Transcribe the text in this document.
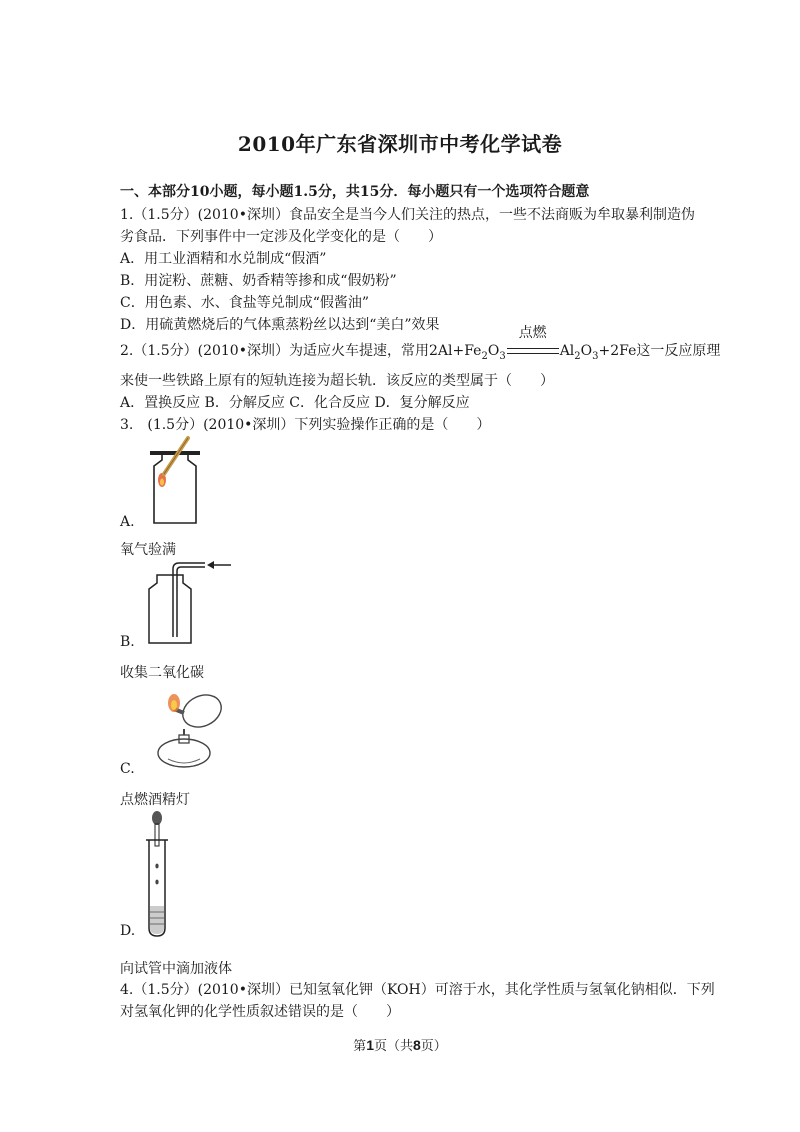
2010年广东省深圳市中考化学试卷
一、本部分10小题，每小题1.5分，共15分．每小题只有一个选项符合题意
1.（1.5分）(2010•深圳）食品安全是当今人们关注的热点，一些不法商贩为牟取暴利制造伪
劣食品．下列事件中一定涉及化学变化的是（　　）
A．用工业酒精和水兑制成“假酒”
B．用淀粉、蔗糖、奶香精等掺和成“假奶粉”
C．用色素、水、食盐等兑制成“假酱油”
D．用硫黄燃烧后的气体熏蒸粉丝以达到“美白”效果
2.（1.5分）(2010•深圳）为适应火车提速，常用$2Al+Fe_2O_3$
点燃
$Al_2O_3+2Fe$这一反应原理
来使一些铁路上原有的短轨连接为超长轨．该反应的类型属于（　　）
A．置换反应 B．分解反应 C．化合反应 D．复分解反应
3.　(1.5分）(2010•深圳）下列实验操作正确的是（　　）
A.
氧气验满
B.
收集二氧化碳
C.
点燃酒精灯
D.
向试管中滴加液体
4.（1.5分）(2010•深圳）已知氢氧化钾（KOH）可溶于水，其化学性质与氢氧化钠相似．下列
对氢氧化钾的化学性质叙述错误的是（　　）
第1页（共8页）
